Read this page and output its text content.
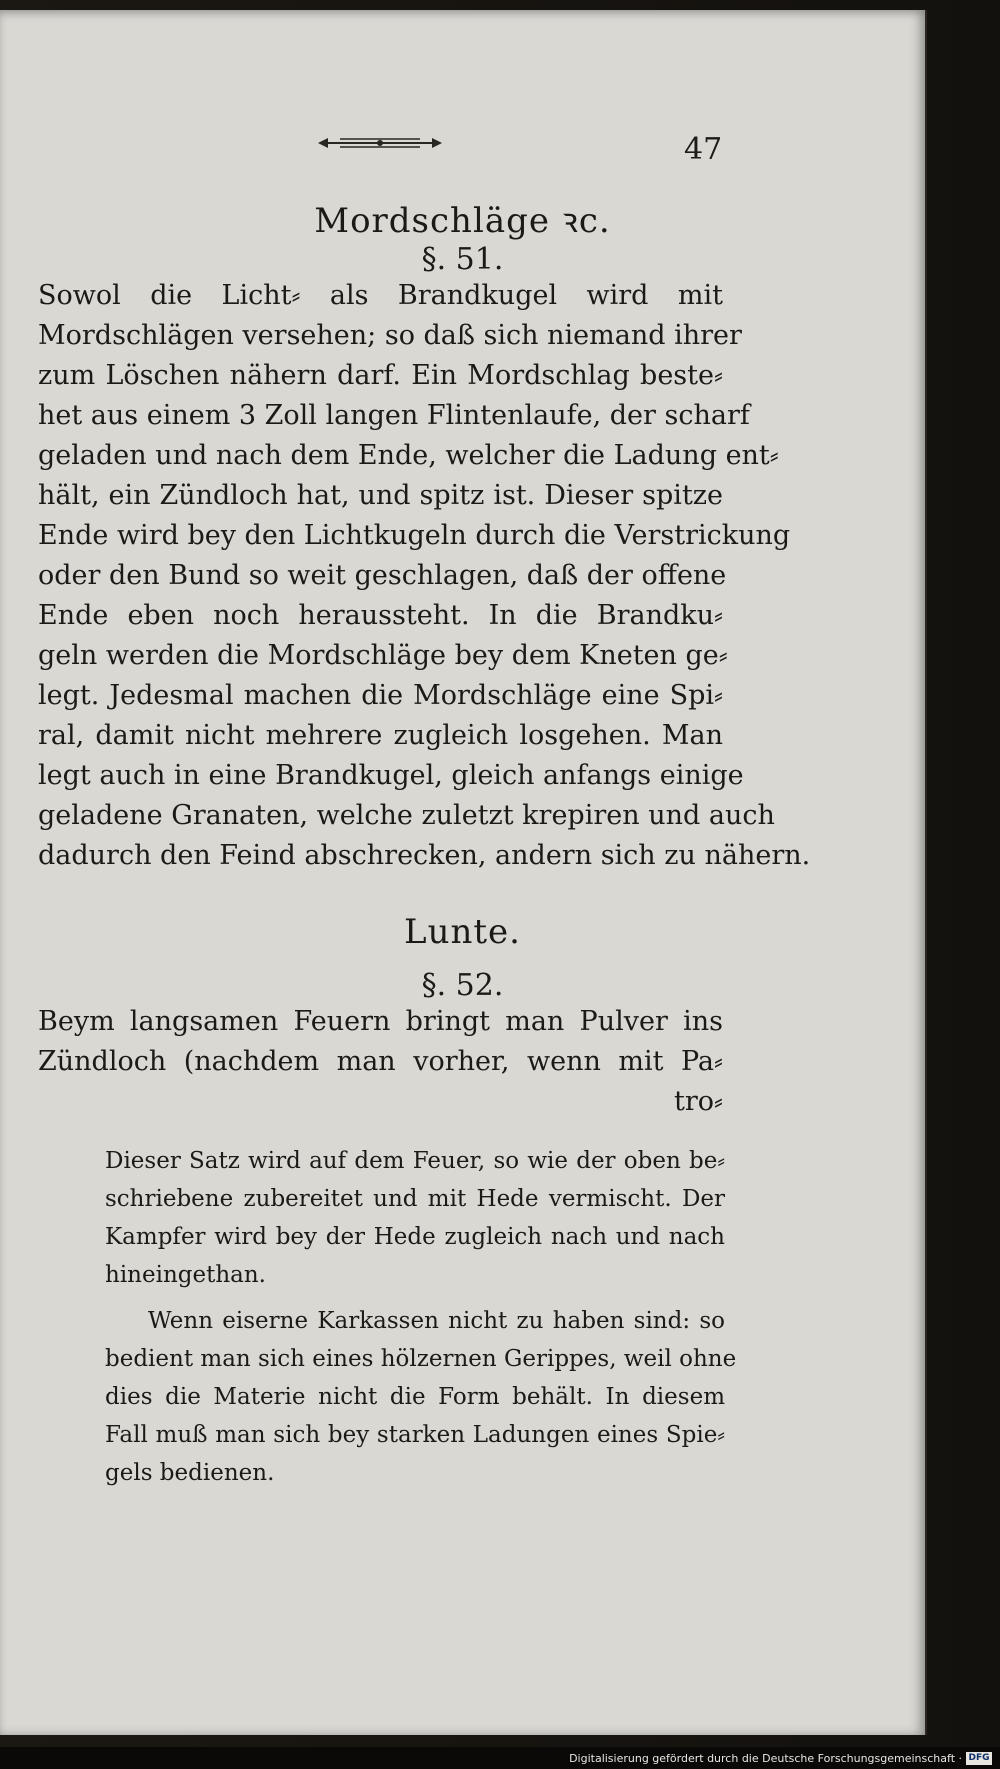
47
Mordschläge ꝛc.
§. 51.

Sowol die Licht⸗ als Brandkugel wird mit

Mordschlägen versehen; so daß sich niemand ihrer

zum Löschen nähern darf. Ein Mordschlag beste⸗

het aus einem 3 Zoll langen Flintenlaufe, der scharf

geladen und nach dem Ende, welcher die Ladung ent⸗

hält, ein Zündloch hat, und spitz ist. Dieser spitze

Ende wird bey den Lichtkugeln durch die Verstrickung

oder den Bund so weit geschlagen, daß der offene

Ende eben noch heraussteht. In die Brandku⸗

geln werden die Mordschläge bey dem Kneten ge⸗

legt. Jedesmal machen die Mordschläge eine Spi⸗

ral, damit nicht mehrere zugleich losgehen. Man

legt auch in eine Brandkugel, gleich anfangs einige

geladene Granaten, welche zuletzt krepiren und auch

dadurch den Feind abschrecken, andern sich zu nähern.

Lunte.
§. 52.

Beym langsamen Feuern bringt man Pulver ins

Zündloch (nachdem man vorher, wenn mit Pa⸗

tro⸗

Dieser Satz wird auf dem Feuer, so wie der oben be⸗

schriebene zubereitet und mit Hede vermischt. Der

Kampfer wird bey der Hede zugleich nach und nach

hineingethan.

Wenn eiserne Karkassen nicht zu haben sind: so

bedient man sich eines hölzernen Gerippes, weil ohne

dies die Materie nicht die Form behält. In diesem

Fall muß man sich bey starken Ladungen eines Spie⸗

gels bedienen.

Digitalisierung gefördert durch die Deutsche Forschungsgemeinschaft · DFG
